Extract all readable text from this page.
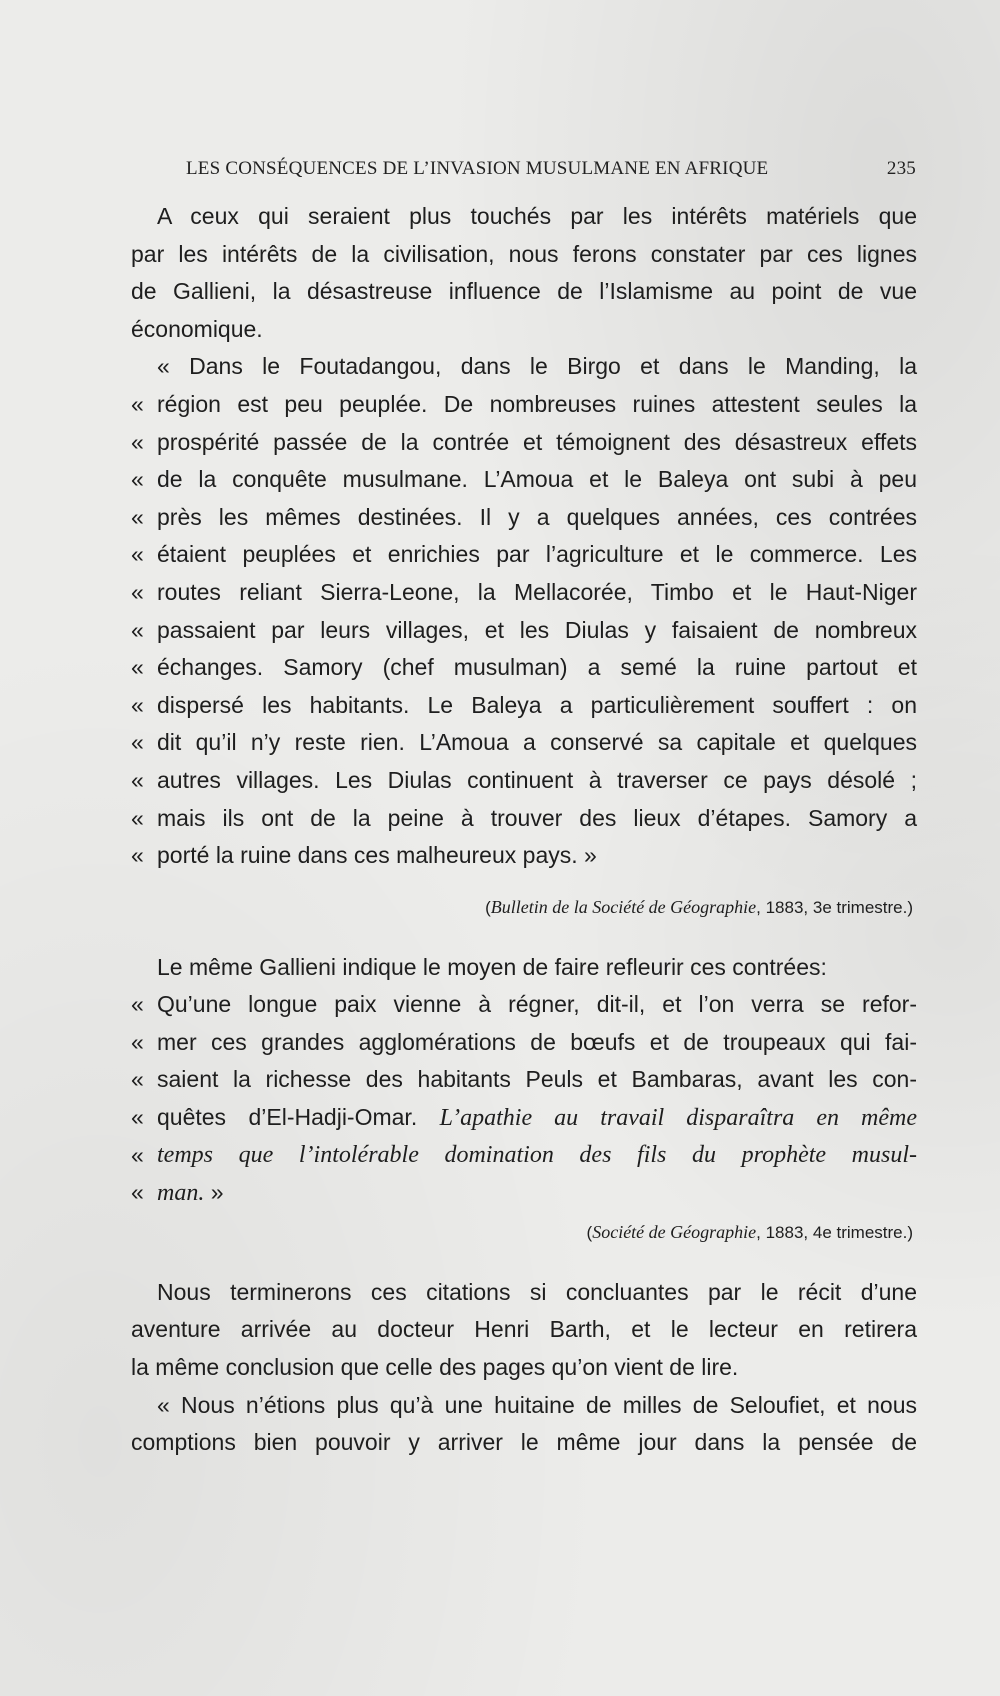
LES CONSÉQUENCES DE L’INVASION MUSULMANE EN AFRIQUE	235
A ceux qui seraient plus touchés par les intérêts matériels que
par les intérêts de la civilisation, nous ferons constater par ces lignes
de Gallieni, la désastreuse influence de l’Islamisme au point de vue
économique.
« Dans le Foutadangou, dans le Birgo et dans le Manding, la
« région est peu peuplée. De nombreuses ruines attestent seules la
« prospérité passée de la contrée et témoignent des désastreux effets
« de la conquête musulmane. L’Amoua et le Baleya ont subi à peu
« près les mêmes destinées. Il y a quelques années, ces contrées
« étaient peuplées et enrichies par l’agriculture et le commerce. Les
« routes reliant Sierra-Leone, la Mellacorée, Timbo et le Haut-Niger
« passaient par leurs villages, et les Diulas y faisaient de nombreux
« échanges. Samory (chef musulman) a semé la ruine partout et
« dispersé les habitants. Le Baleya a particulièrement souffert : on
« dit qu’il n’y reste rien. L’Amoua a conservé sa capitale et quelques
« autres villages. Les Diulas continuent à traverser ce pays désolé ;
« mais ils ont de la peine à trouver des lieux d’étapes. Samory a
« porté la ruine dans ces malheureux pays. »
(Bulletin de la Société de Géographie, 1883, 3e trimestre.)
Le même Gallieni indique le moyen de faire refleurir ces contrées:
« Qu’une longue paix vienne à régner, dit-il, et l’on verra se refor-
« mer ces grandes agglomérations de bœufs et de troupeaux qui fai-
« saient la richesse des habitants Peuls et Bambaras, avant les con-
« quêtes d’El-Hadji-Omar. L’apathie au travail disparaîtra en même
« temps que l’intolérable domination des fils du prophète musul-
« man. »
(Société de Géographie, 1883, 4e trimestre.)
Nous terminerons ces citations si concluantes par le récit d’une
aventure arrivée au docteur Henri Barth, et le lecteur en retirera
la même conclusion que celle des pages qu’on vient de lire.
« Nous n’étions plus qu’à une huitaine de milles de Seloufiet, et nous
comptions bien pouvoir y arriver le même jour dans la pensée de
